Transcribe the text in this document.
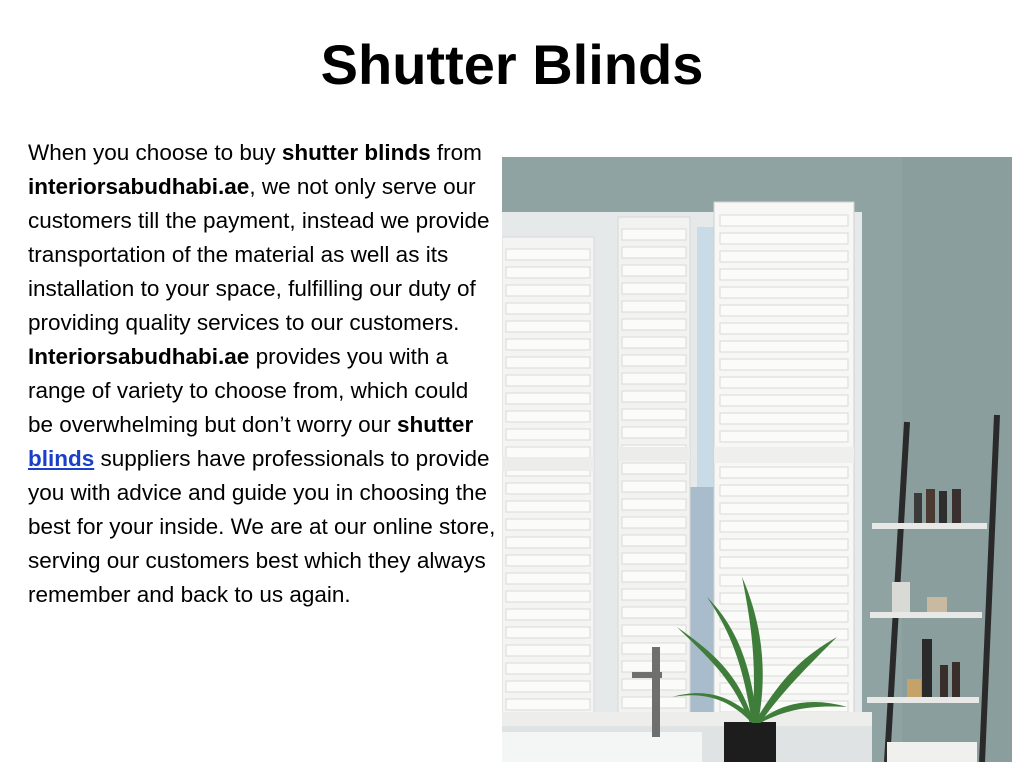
Shutter Blinds

When you choose to buy shutter blinds from interiorsabudhabi.ae, we not only serve our customers till the payment, instead we provide transportation of the material as well as its installation to your space, fulfilling our duty of providing quality services to our customers.

Interiorsabudhabi.ae provides you with a range of variety to choose from, which could be overwhelming but don’t worry our shutter blinds suppliers have professionals to provide you with advice and guide you in choosing the best for your inside. We are at our online store, serving our customers best which they always remember and back to us again.
